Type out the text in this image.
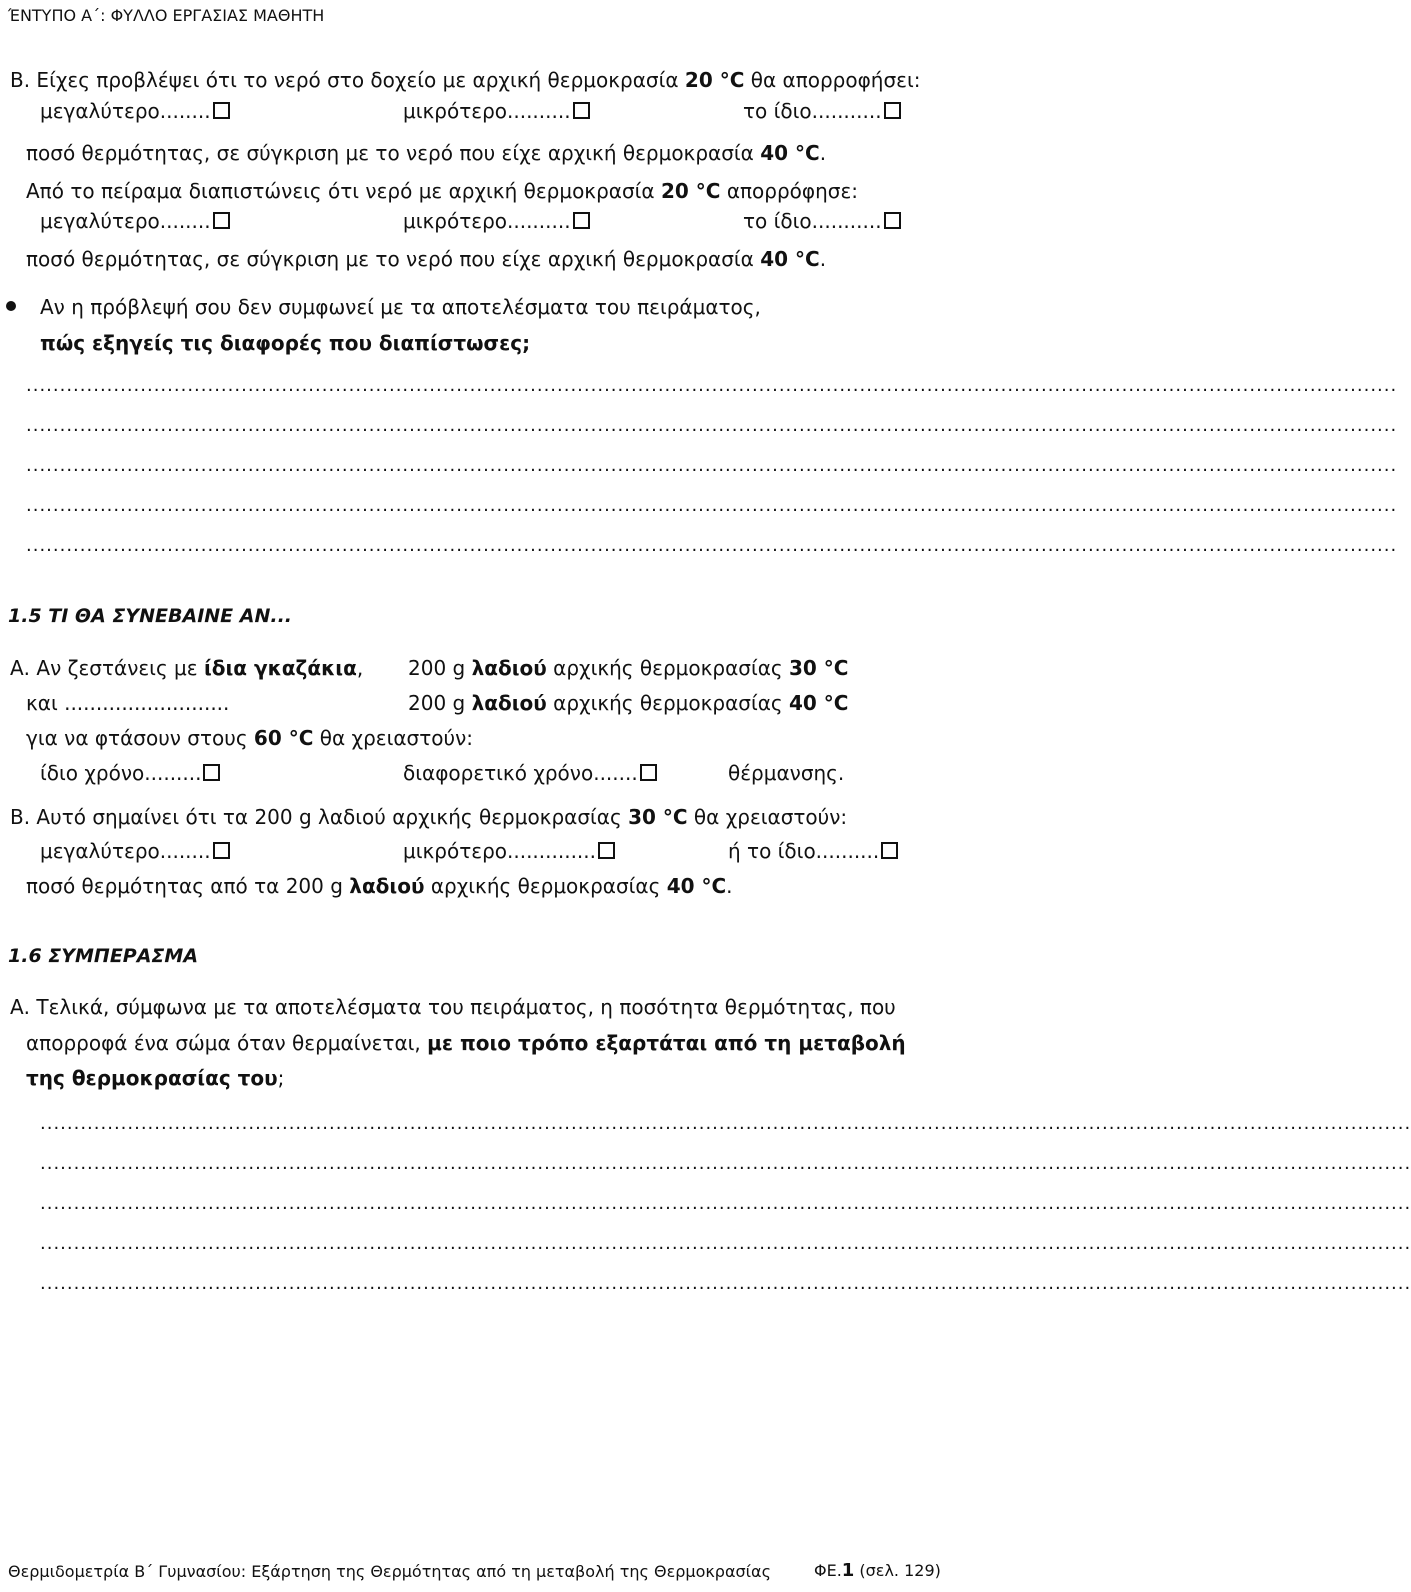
ΈΝΤΥΠΟ Α΄: ΦΥΛΛΟ ΕΡΓΑΣΙΑΣ ΜΑΘΗΤΗ
Β. Είχες προβλέψει ότι το νερό στο δοχείο με αρχική θερμοκρασία 20 °C θα απορροφήσει:
μεγαλύτερο........	μικρότερο..........	το ίδιο...........
ποσό θερμότητας, σε σύγκριση με το νερό που είχε αρχική θερμοκρασία 40 °C.
Από το πείραμα διαπιστώνεις ότι νερό με αρχική θερμοκρασία 20 °C απορρόφησε:
μεγαλύτερο........	μικρότερο..........	το ίδιο...........
ποσό θερμότητας, σε σύγκριση με το νερό που είχε αρχική θερμοκρασία 40 °C.
Αν η πρόβλεψή σου δεν συμφωνεί με τα αποτελέσματα του πειράματος,
πώς εξηγείς τις διαφορές που διαπίστωσες;
............................................................................................................................................................................................................
............................................................................................................................................................................................................
............................................................................................................................................................................................................
............................................................................................................................................................................................................
............................................................................................................................................................................................................
1.5 ΤΙ ΘΑ ΣΥΝΕΒΑΙΝΕ ΑΝ...
Α. Αν ζεστάνεις με ίδια γκαζάκια, 200 g λαδιού αρχικής θερμοκρασίας 30 °C
και ..........................	200 g λαδιού αρχικής θερμοκρασίας 40 °C
για να φτάσουν στους 60 °C θα χρειαστούν:
ίδιο χρόνο.........	διαφορετικό χρόνο.......	θέρμανσης.
Β. Αυτό σημαίνει ότι τα 200 g λαδιού αρχικής θερμοκρασίας 30 °C θα χρειαστούν:
μεγαλύτερο........	μικρότερο..............	ή το ίδιο..........
ποσό θερμότητας από τα 200 g λαδιού αρχικής θερμοκρασίας 40 °C.
1.6 ΣΥΜΠΕΡΑΣΜΑ
Α. Τελικά, σύμφωνα με τα αποτελέσματα του πειράματος, η ποσότητα θερμότητας, που
απορροφά ένα σώμα όταν θερμαίνεται, με ποιο τρόπο εξαρτάται από τη μεταβολή
της θερμοκρασίας του;
............................................................................................................................................................................................................
............................................................................................................................................................................................................
............................................................................................................................................................................................................
............................................................................................................................................................................................................
............................................................................................................................................................................................................
Θερμιδομετρία Β΄ Γυμνασίου: Εξάρτηση της Θερμότητας από τη μεταβολή της Θερμοκρασίας	ΦΕ.1 (σελ. 129)
